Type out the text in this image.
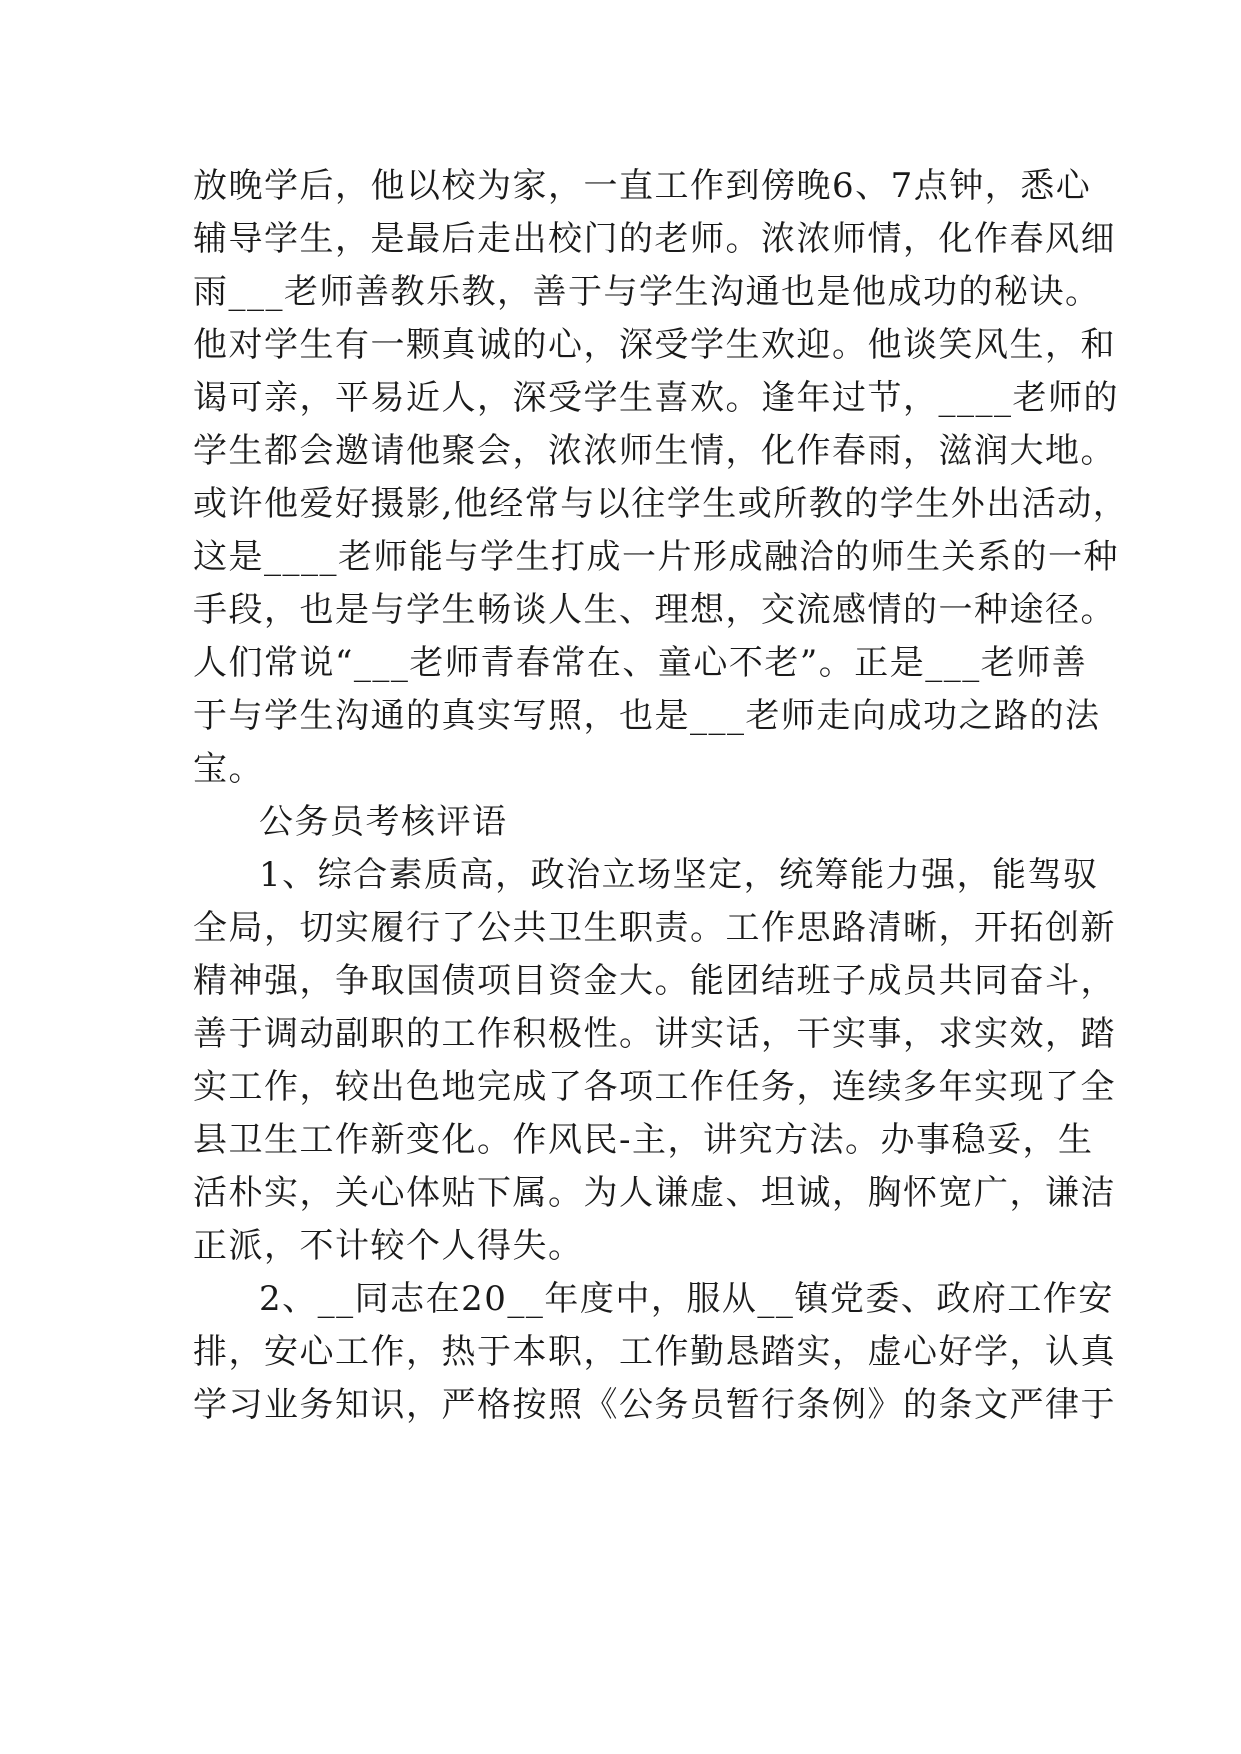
放晚学后，他以校为家，一直工作到傍晚6、7点钟，悉心
辅导学生，是最后走出校门的老师。浓浓师情，化作春风细
雨___老师善教乐教，善于与学生沟通也是他成功的秘诀。
他对学生有一颗真诚的心，深受学生欢迎。他谈笑风生，和
谒可亲，平易近人，深受学生喜欢。逢年过节，____老师的
学生都会邀请他聚会，浓浓师生情，化作春雨，滋润大地。
或许他爱好摄影,他经常与以往学生或所教的学生外出活动，
这是____老师能与学生打成一片形成融洽的师生关系的一种
手段，也是与学生畅谈人生、理想，交流感情的一种途径。
人们常说“___老师青春常在、童心不老”。正是___老师善
于与学生沟通的真实写照，也是___老师走向成功之路的法
宝。
公务员考核评语
1、综合素质高，政治立场坚定，统筹能力强，能驾驭
全局，切实履行了公共卫生职责。工作思路清晰，开拓创新
精神强，争取国债项目资金大。能团结班子成员共同奋斗，
善于调动副职的工作积极性。讲实话，干实事，求实效，踏
实工作，较出色地完成了各项工作任务，连续多年实现了全
县卫生工作新变化。作风民-主，讲究方法。办事稳妥，生
活朴实，关心体贴下属。为人谦虚、坦诚，胸怀宽广，谦洁
正派，不计较个人得失。
2、__同志在20__年度中，服从__镇党委、政府工作安
排，安心工作，热于本职，工作勤恳踏实，虚心好学，认真
学习业务知识，严格按照《公务员暂行条例》的条文严律于
